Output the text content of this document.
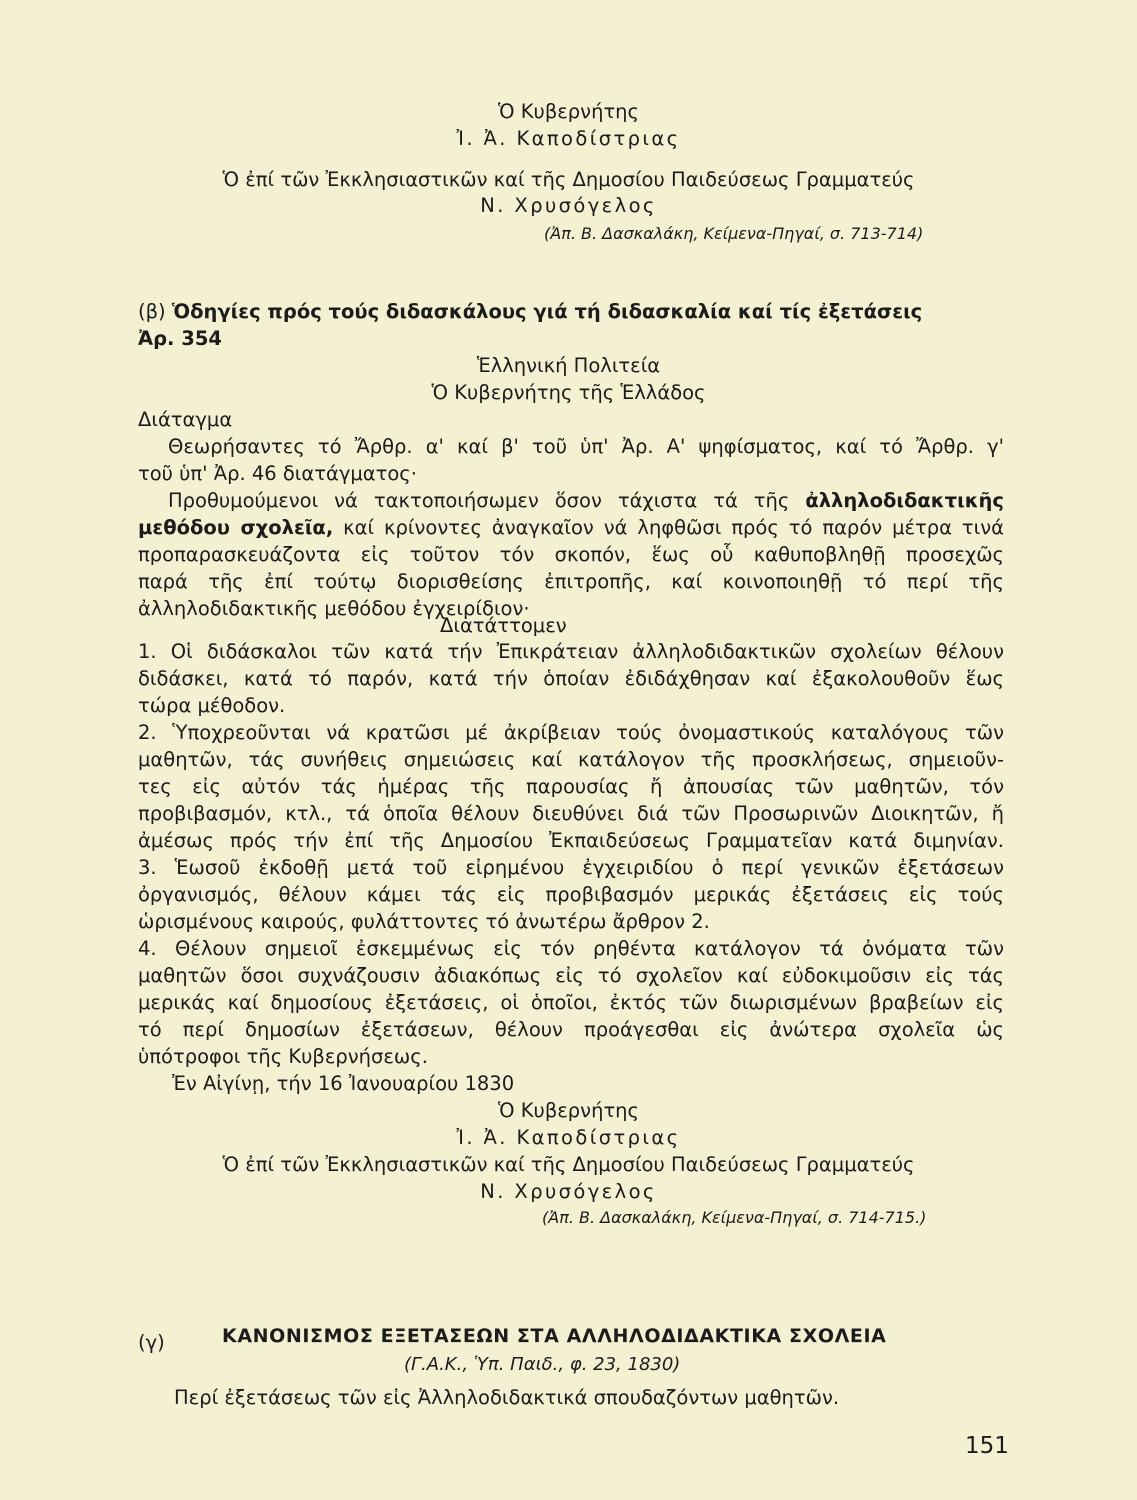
Ὁ Κυβερνήτης
Ἰ. Ἀ. Καποδίστριας
Ὁ ἐπί τῶν Ἐκκλησιαστικῶν καί τῆς Δημοσίου Παιδεύσεως Γραμματεύς
Ν. Χρυσόγελος
(Ἀπ. Β. Δασκαλάκη, Κείμενα-Πηγαί, σ. 713-714)
(β) Ὁδηγίες πρός τούς διδασκάλους γιά τή διδασκαλία καί τίς ἐξετάσεις
Ἀρ. 354
Ἑλληνική Πολιτεία
Ὁ Κυβερνήτης τῆς Ἑλλάδος
Διάταγμα
Θεωρήσαντες τό Ἄρθρ. α' καί β' τοῦ ὑπ' Ἀρ. Α' ψηφίσματος, καί τό Ἄρθρ. γ'
τοῦ ὑπ' Ἀρ. 46 διατάγματος·
Προθυμούμενοι νά τακτοποιήσωμεν ὅσον τάχιστα τά τῆς ἀλληλοδιδακτικῆς
μεθόδου σχολεῖα, καί κρίνοντες ἀναγκαῖον νά ληφθῶσι πρός τό παρόν μέτρα τινά
προπαρασκευάζοντα εἰς τοῦτον τόν σκοπόν, ἕως οὗ καθυποβληθῇ προσεχῶς
παρά τῆς ἐπί τούτῳ διορισθείσης ἐπιτροπῆς, καί κοινοποιηθῇ τό περί τῆς
ἀλληλοδιδακτικῆς μεθόδου ἐγχειρίδιον·
Διατάττομεν
1. Οἱ διδάσκαλοι τῶν κατά τήν Ἐπικράτειαν ἀλληλοδιδακτικῶν σχολείων θέλουν
διδάσκει, κατά τό παρόν, κατά τήν ὁποίαν ἐδιδάχθησαν καί ἐξακολουθοῦν ἕως
τώρα μέθοδον.
2. Ὑποχρεοῦνται νά κρατῶσι μέ ἀκρίβειαν τούς ὀνομαστικούς καταλόγους τῶν
μαθητῶν, τάς συνήθεις σημειώσεις καί κατάλογον τῆς προσκλήσεως, σημειοῦν-
τες εἰς αὐτόν τάς ἡμέρας τῆς παρουσίας ἤ ἀπουσίας τῶν μαθητῶν, τόν
προβιβασμόν, κτλ., τά ὁποῖα θέλουν διευθύνει διά τῶν Προσωρινῶν Διοικητῶν, ἤ
ἀμέσως πρός τήν ἐπί τῆς Δημοσίου Ἐκπαιδεύσεως Γραμματεῖαν κατά διμηνίαν.
3. Ἑωσοῦ ἐκδοθῇ μετά τοῦ εἰρημένου ἐγχειριδίου ὁ περί γενικῶν ἐξετάσεων
ὀργανισμός, θέλουν κάμει τάς εἰς προβιβασμόν μερικάς ἐξετάσεις εἰς τούς
ὡρισμένους καιρούς, φυλάττοντες τό ἀνωτέρω ἄρθρον 2.
4. Θέλουν σημειοῖ ἐσκεμμένως εἰς τόν ρηθέντα κατάλογον τά ὀνόματα τῶν
μαθητῶν ὅσοι συχνάζουσιν ἀδιακόπως εἰς τό σχολεῖον καί εὐδοκιμοῦσιν εἰς τάς
μερικάς καί δημοσίους ἐξετάσεις, οἱ ὁποῖοι, ἐκτός τῶν διωρισμένων βραβείων εἰς
τό περί δημοσίων ἐξετάσεων, θέλουν προάγεσθαι εἰς ἀνώτερα σχολεῖα ὡς
ὑπότροφοι τῆς Κυβερνήσεως.
Ἐν Αἰγίνῃ, τήν 16 Ἰανουαρίου 1830
Ὁ Κυβερνήτης
Ἰ. Ἀ. Καποδίστριας
Ὁ ἐπί τῶν Ἐκκλησιαστικῶν καί τῆς Δημοσίου Παιδεύσεως Γραμματεύς
Ν. Χρυσόγελος
(Ἀπ. Β. Δασκαλάκη, Κείμενα-Πηγαί, σ. 714-715.)
(γ)	ΚΑΝΟΝΙΣΜΟΣ ΕΞΕΤΑΣΕΩΝ ΣΤΑ ΑΛΛΗΛΟΔΙΔΑΚΤΙΚΑ ΣΧΟΛΕΙΑ
(Γ.Α.Κ., Ὑπ. Παιδ., φ. 23, 1830)
Περί ἐξετάσεως τῶν εἰς Ἀλληλοδιδακτικά σπουδαζόντων μαθητῶν.
151
